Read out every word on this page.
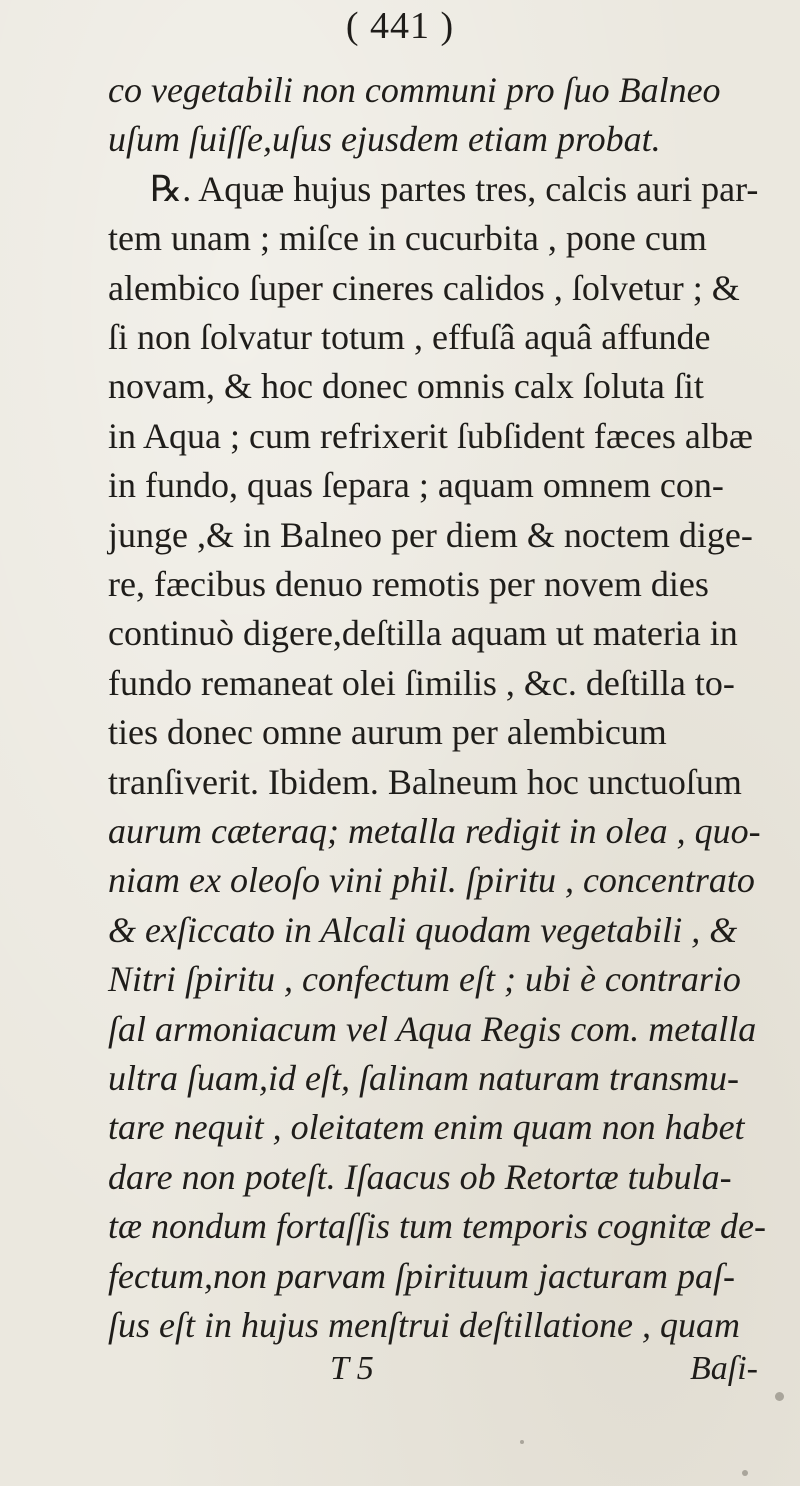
( 441 )
co vegetabili non communi pro ſuo Balneo
uſum ſuiſſe,uſus ejusdem etiam probat.
℞. Aquæ hujus partes tres, calcis auri par-
tem unam ; miſce in cucurbita , pone cum
alembico ſuper cineres calidos , ſolvetur ; &
ſi non ſolvatur totum , effuſâ aquâ affunde
novam, & hoc donec omnis calx ſoluta ſit
in Aqua ; cum refrixerit ſubſident fæces albæ
in fundo, quas ſepara ; aquam omnem con-
junge ,& in Balneo per diem & noctem dige-
re, fæcibus denuo remotis per novem dies
continuò digere,deſtilla aquam ut materia in
fundo remaneat olei ſimilis , &c. deſtilla to-
ties donec omne aurum per alembicum
tranſiverit. Ibidem. Balneum hoc unctuoſum
aurum cæteraq; metalla redigit in olea , quo-
niam ex oleoſo vini phil. ſpiritu , concentrato
& exſiccato in Alcali quodam vegetabili , &
Nitri ſpiritu , confectum eſt ; ubi è contrario
ſal armoniacum vel Aqua Regis com. metalla
ultra ſuam,id eſt, ſalinam naturam transmu-
tare nequit , oleitatem enim quam non habet
dare non poteſt. Iſaacus ob Retortæ tubula-
tæ nondum fortaſſis tum temporis cognitæ de-
fectum,non parvam ſpirituum jacturam paſ-
ſus eſt in hujus menſtrui deſtillatione , quam
T 5	Baſi-
